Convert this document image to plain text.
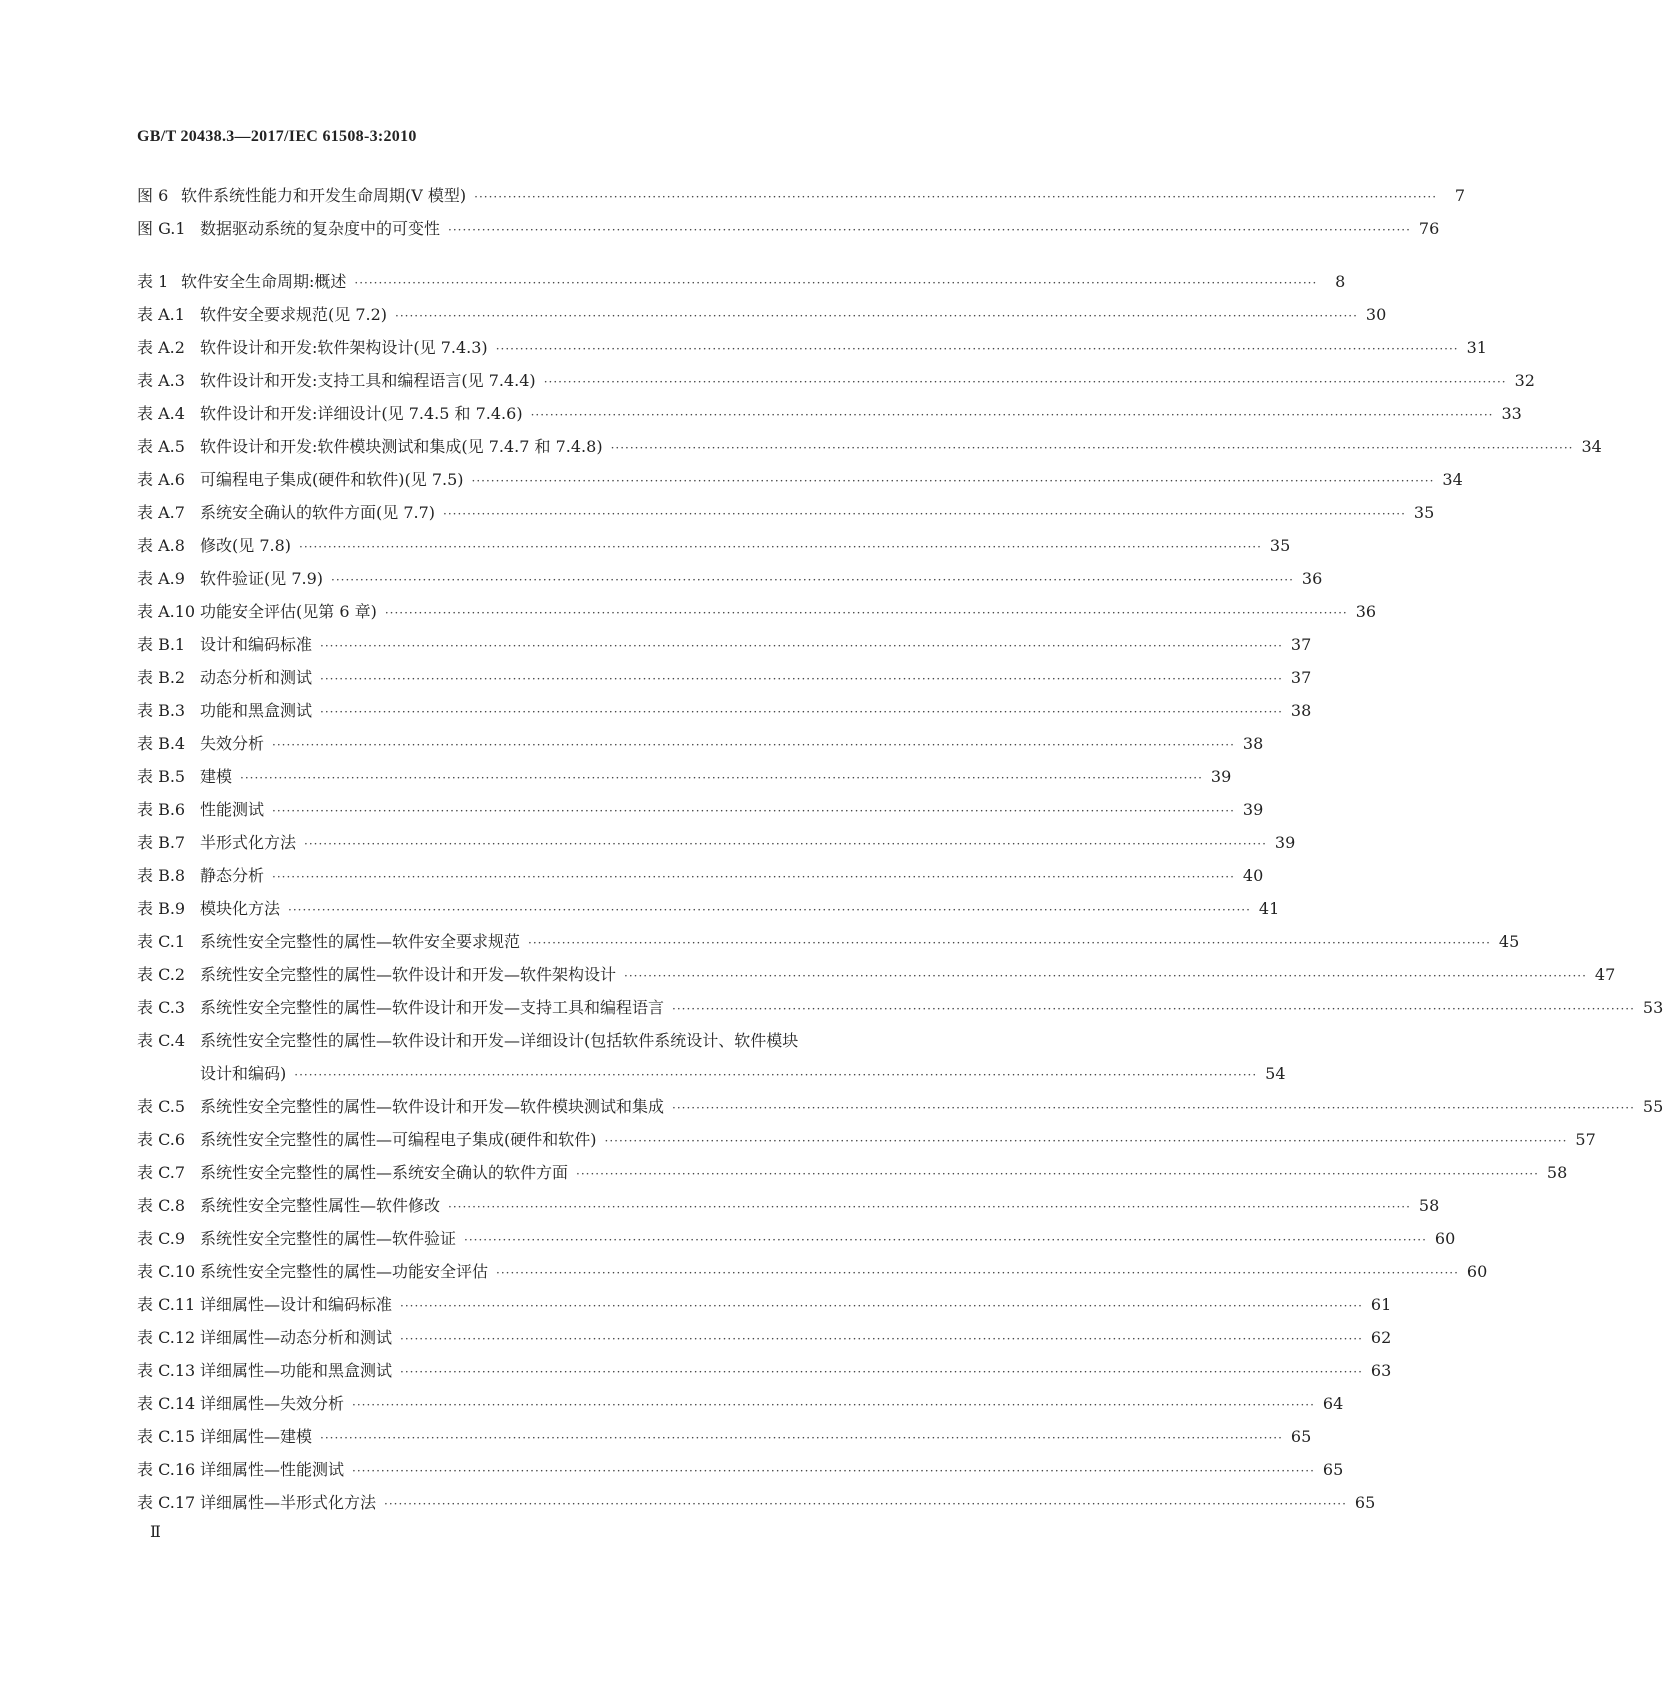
GB/T 20438.3—2017/IEC 61508-3:2010
图 6 软件系统性能力和开发生命周期(V 模型) ········································································································································································································	7
图 G.1 数据驱动系统的复杂度中的可变性 ········································································································································································································ 76
表 1 软件安全生命周期:概述 ········································································································································································································	8
表 A.1 软件安全要求规范(见 7.2) ········································································································································································································ 30
表 A.2 软件设计和开发:软件架构设计(见 7.4.3) ········································································································································································································ 31
表 A.3 软件设计和开发:支持工具和编程语言(见 7.4.4) ········································································································································································································ 32
表 A.4 软件设计和开发:详细设计(见 7.4.5 和 7.4.6) ········································································································································································································ 33
表 A.5 软件设计和开发:软件模块测试和集成(见 7.4.7 和 7.4.8) ········································································································································································································ 34
表 A.6 可编程电子集成(硬件和软件)(见 7.5) ········································································································································································································ 34
表 A.7 系统安全确认的软件方面(见 7.7) ········································································································································································································ 35
表 A.8 修改(见 7.8) ········································································································································································································ 35
表 A.9 软件验证(见 7.9) ········································································································································································································ 36
表 A.10 功能安全评估(见第 6 章) ········································································································································································································ 36
表 B.1 设计和编码标准 ········································································································································································································ 37
表 B.2 动态分析和测试 ········································································································································································································ 37
表 B.3 功能和黑盒测试 ········································································································································································································ 38
表 B.4 失效分析 ········································································································································································································ 38
表 B.5 建模 ········································································································································································································ 39
表 B.6 性能测试 ········································································································································································································ 39
表 B.7 半形式化方法 ········································································································································································································ 39
表 B.8 静态分析 ········································································································································································································ 40
表 B.9 模块化方法 ········································································································································································································ 41
表 C.1 系统性安全完整性的属性—软件安全要求规范 ········································································································································································································ 45
表 C.2 系统性安全完整性的属性—软件设计和开发—软件架构设计 ········································································································································································································ 47
表 C.3 系统性安全完整性的属性—软件设计和开发—支持工具和编程语言 ········································································································································································································ 53
表 C.4 系统性安全完整性的属性—软件设计和开发—详细设计(包括软件系统设计、软件模块
设计和编码) ········································································································································································································ 54
表 C.5 系统性安全完整性的属性—软件设计和开发—软件模块测试和集成 ········································································································································································································ 55
表 C.6 系统性安全完整性的属性—可编程电子集成(硬件和软件) ········································································································································································································ 57
表 C.7 系统性安全完整性的属性—系统安全确认的软件方面 ········································································································································································································ 58
表 C.8 系统性安全完整性属性—软件修改 ········································································································································································································ 58
表 C.9 系统性安全完整性的属性—软件验证 ········································································································································································································ 60
表 C.10 系统性安全完整性的属性—功能安全评估 ········································································································································································································ 60
表 C.11 详细属性—设计和编码标准 ········································································································································································································ 61
表 C.12 详细属性—动态分析和测试 ········································································································································································································ 62
表 C.13 详细属性—功能和黑盒测试 ········································································································································································································ 63
表 C.14 详细属性—失效分析 ········································································································································································································ 64
表 C.15 详细属性—建模 ········································································································································································································ 65
表 C.16 详细属性—性能测试 ········································································································································································································ 65
表 C.17 详细属性—半形式化方法 ········································································································································································································ 65
Ⅱ
